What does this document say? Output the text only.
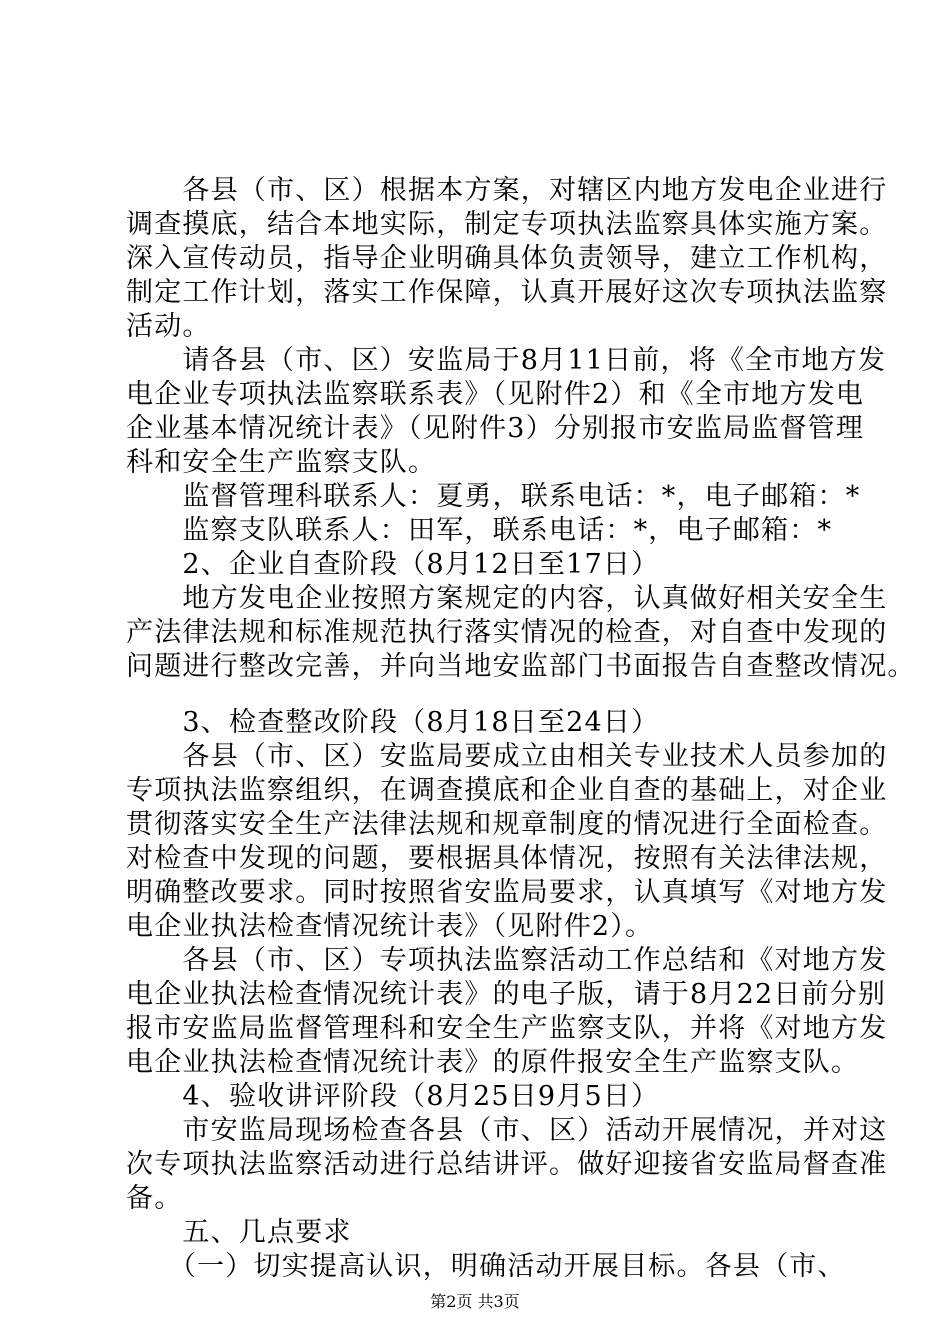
　　各县（市、区）根据本方案，对辖区内地方发电企业进行
调查摸底，结合本地实际，制定专项执法监察具体实施方案。
深入宣传动员，指导企业明确具体负责领导，建立工作机构，
制定工作计划，落实工作保障，认真开展好这次专项执法监察
活动。
　　请各县（市、区）安监局于8月11日前，将《全市地方发
电企业专项执法监察联系表》（见附件2）和《全市地方发电
企业基本情况统计表》（见附件3）分别报市安监局监督管理
科和安全生产监察支队。
　　监督管理科联系人：夏勇，联系电话：*，电子邮箱：*
　　监察支队联系人：田军，联系电话：*，电子邮箱：*
　　2、企业自查阶段（8月12日至17日）
　　地方发电企业按照方案规定的内容，认真做好相关安全生
产法律法规和标准规范执行落实情况的检查，对自查中发现的
问题进行整改完善，并向当地安监部门书面报告自查整改情况。
　　3、检查整改阶段（8月18日至24日）
　　各县（市、区）安监局要成立由相关专业技术人员参加的
专项执法监察组织，在调查摸底和企业自查的基础上，对企业
贯彻落实安全生产法律法规和规章制度的情况进行全面检查。
对检查中发现的问题，要根据具体情况，按照有关法律法规，
明确整改要求。同时按照省安监局要求，认真填写《对地方发
电企业执法检查情况统计表》（见附件2）。
　　各县（市、区）专项执法监察活动工作总结和《对地方发
电企业执法检查情况统计表》的电子版，请于8月22日前分别
报市安监局监督管理科和安全生产监察支队，并将《对地方发
电企业执法检查情况统计表》的原件报安全生产监察支队。
　　4、验收讲评阶段（8月25日9月5日）
　　市安监局现场检查各县（市、区）活动开展情况，并对这
次专项执法监察活动进行总结讲评。做好迎接省安监局督查准
备。
　　五、几点要求
　　（一）切实提高认识，明确活动开展目标。各县（市、
第2页 共3页
